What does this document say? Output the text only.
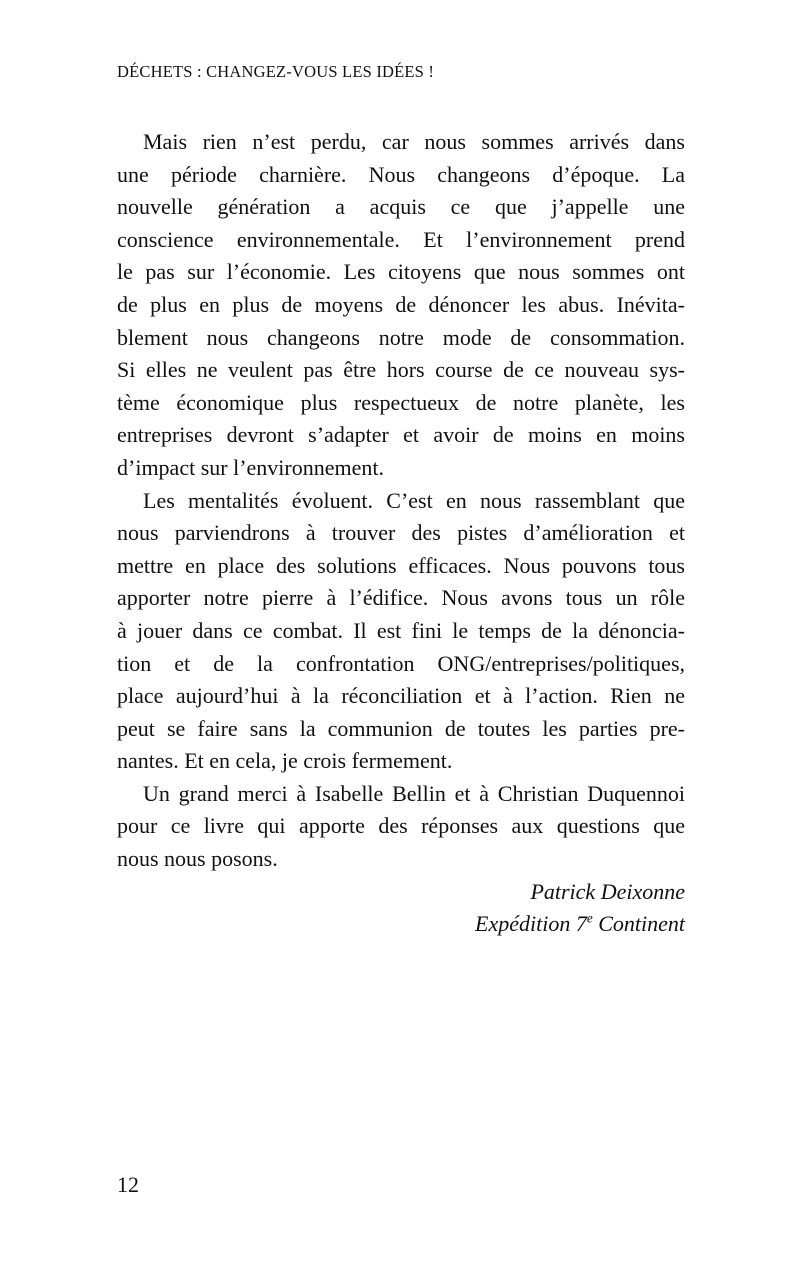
DÉCHETS : CHANGEZ-VOUS LES IDÉES !
Mais rien n’est perdu, car nous sommes arrivés dans
une période charnière. Nous changeons d’époque. La
nouvelle génération a acquis ce que j’appelle une
conscience environnementale. Et l’environnement prend
le pas sur l’économie. Les citoyens que nous sommes ont
de plus en plus de moyens de dénoncer les abus. Inévita-
blement nous changeons notre mode de consommation.
Si elles ne veulent pas être hors course de ce nouveau sys-
tème économique plus respectueux de notre planète, les
entreprises devront s’adapter et avoir de moins en moins
d’impact sur l’environnement.
Les mentalités évoluent. C’est en nous rassemblant que
nous parviendrons à trouver des pistes d’amélioration et
mettre en place des solutions efficaces. Nous pouvons tous
apporter notre pierre à l’édifice. Nous avons tous un rôle
à jouer dans ce combat. Il est fini le temps de la dénoncia-
tion et de la confrontation ONG/entreprises/politiques,
place aujourd’hui à la réconciliation et à l’action. Rien ne
peut se faire sans la communion de toutes les parties pre-
nantes. Et en cela, je crois fermement.
Un grand merci à Isabelle Bellin et à Christian Duquennoi
pour ce livre qui apporte des réponses aux questions que
nous nous posons.
Patrick Deixonne
Expédition 7e Continent
12
